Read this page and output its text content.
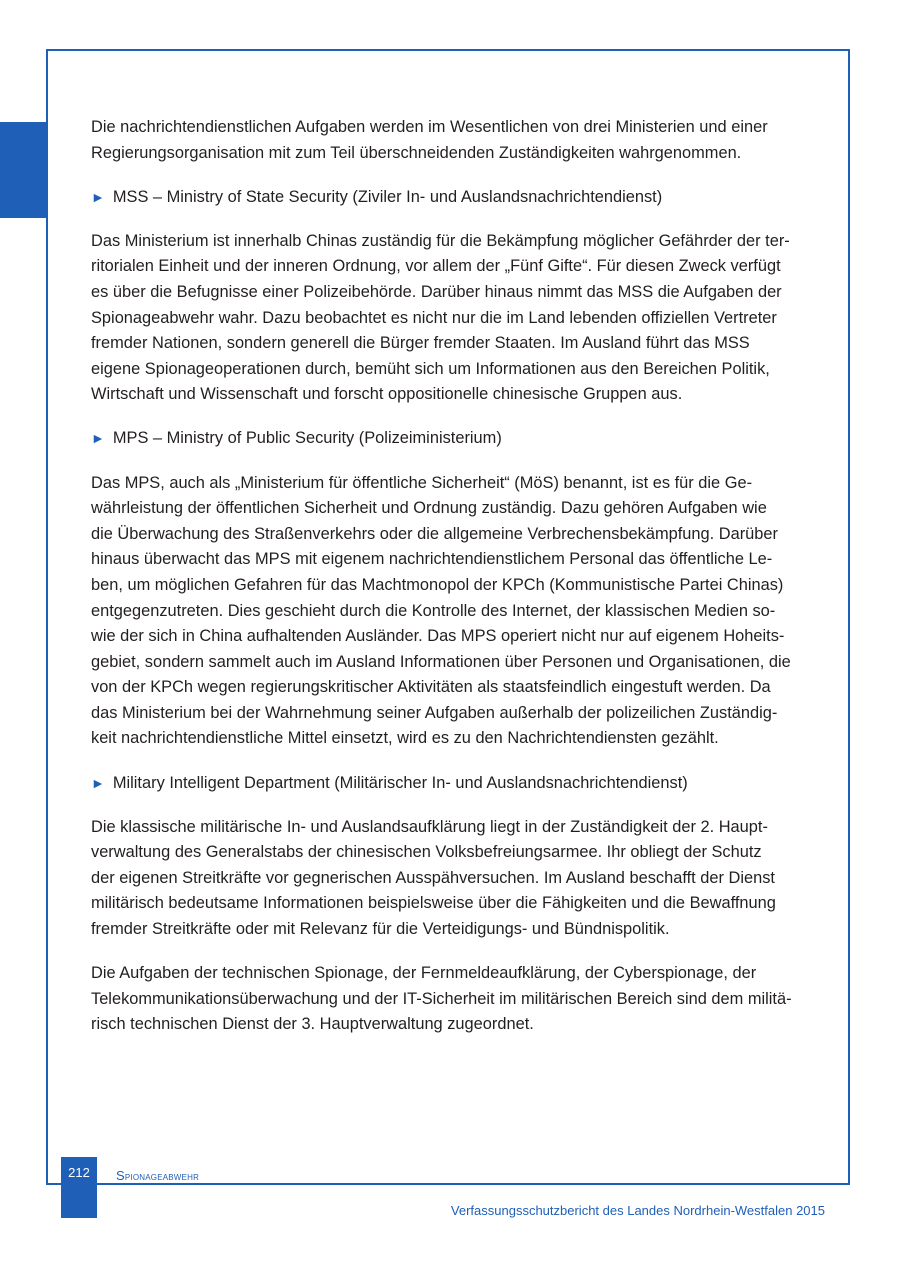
Die nachrichtendienstlichen Aufgaben werden im Wesentlichen von drei Ministerien und einer
Regierungsorganisation mit zum Teil überschneidenden Zuständigkeiten wahrgenommen.
► MSS – Ministry of State Security (Ziviler In- und Auslandsnachrichtendienst)
Das Ministerium ist innerhalb Chinas zuständig für die Bekämpfung möglicher Gefährder der ter-
ritorialen Einheit und der inneren Ordnung, vor allem der „Fünf Gifte“. Für diesen Zweck verfügt
es über die Befugnisse einer Polizeibehörde. Darüber hinaus nimmt das MSS die Aufgaben der
Spionageabwehr wahr. Dazu beobachtet es nicht nur die im Land lebenden offiziellen Vertreter
fremder Nationen, sondern generell die Bürger fremder Staaten. Im Ausland führt das MSS
eigene Spionageoperationen durch, bemüht sich um Informationen aus den Bereichen Politik,
Wirtschaft und Wissenschaft und forscht oppositionelle chinesische Gruppen aus.
► MPS – Ministry of Public Security (Polizeiministerium)
Das MPS, auch als „Ministerium für öffentliche Sicherheit“ (MöS) benannt, ist es für die Ge-
währleistung der öffentlichen Sicherheit und Ordnung zuständig. Dazu gehören Aufgaben wie
die Überwachung des Straßenverkehrs oder die allgemeine Verbrechensbekämpfung. Darüber
hinaus überwacht das MPS mit eigenem nachrichtendienstlichem Personal das öffentliche Le-
ben, um möglichen Gefahren für das Machtmonopol der KPCh (Kommunistische Partei Chinas)
entgegenzutreten. Dies geschieht durch die Kontrolle des Internet, der klassischen Medien so-
wie der sich in China aufhaltenden Ausländer. Das MPS operiert nicht nur auf eigenem Hoheits-
gebiet, sondern sammelt auch im Ausland Informationen über Personen und Organisationen, die
von der KPCh wegen regierungskritischer Aktivitäten als staatsfeindlich eingestuft werden. Da
das Ministerium bei der Wahrnehmung seiner Aufgaben außerhalb der polizeilichen Zuständig-
keit nachrichtendienstliche Mittel einsetzt, wird es zu den Nachrichtendiensten gezählt.
► Military Intelligent Department (Militärischer In- und Auslandsnachrichtendienst)
Die klassische militärische In- und Auslandsaufklärung liegt in der Zuständigkeit der 2. Haupt-
verwaltung des Generalstabs der chinesischen Volksbefreiungsarmee. Ihr obliegt der Schutz
der eigenen Streitkräfte vor gegnerischen Ausspähversuchen. Im Ausland beschafft der Dienst
militärisch bedeutsame Informationen beispielsweise über die Fähigkeiten und die Bewaffnung
fremder Streitkräfte oder mit Relevanz für die Verteidigungs- und Bündnispolitik.
Die Aufgaben der technischen Spionage, der Fernmeldeaufklärung, der Cyberspionage, der
Telekommunikationsüberwachung und der IT-Sicherheit im militärischen Bereich sind dem militä-
risch technischen Dienst der 3. Hauptverwaltung zugeordnet.
212	Spionageabwehr
Verfassungsschutzbericht des Landes Nordrhein-Westfalen 2015
